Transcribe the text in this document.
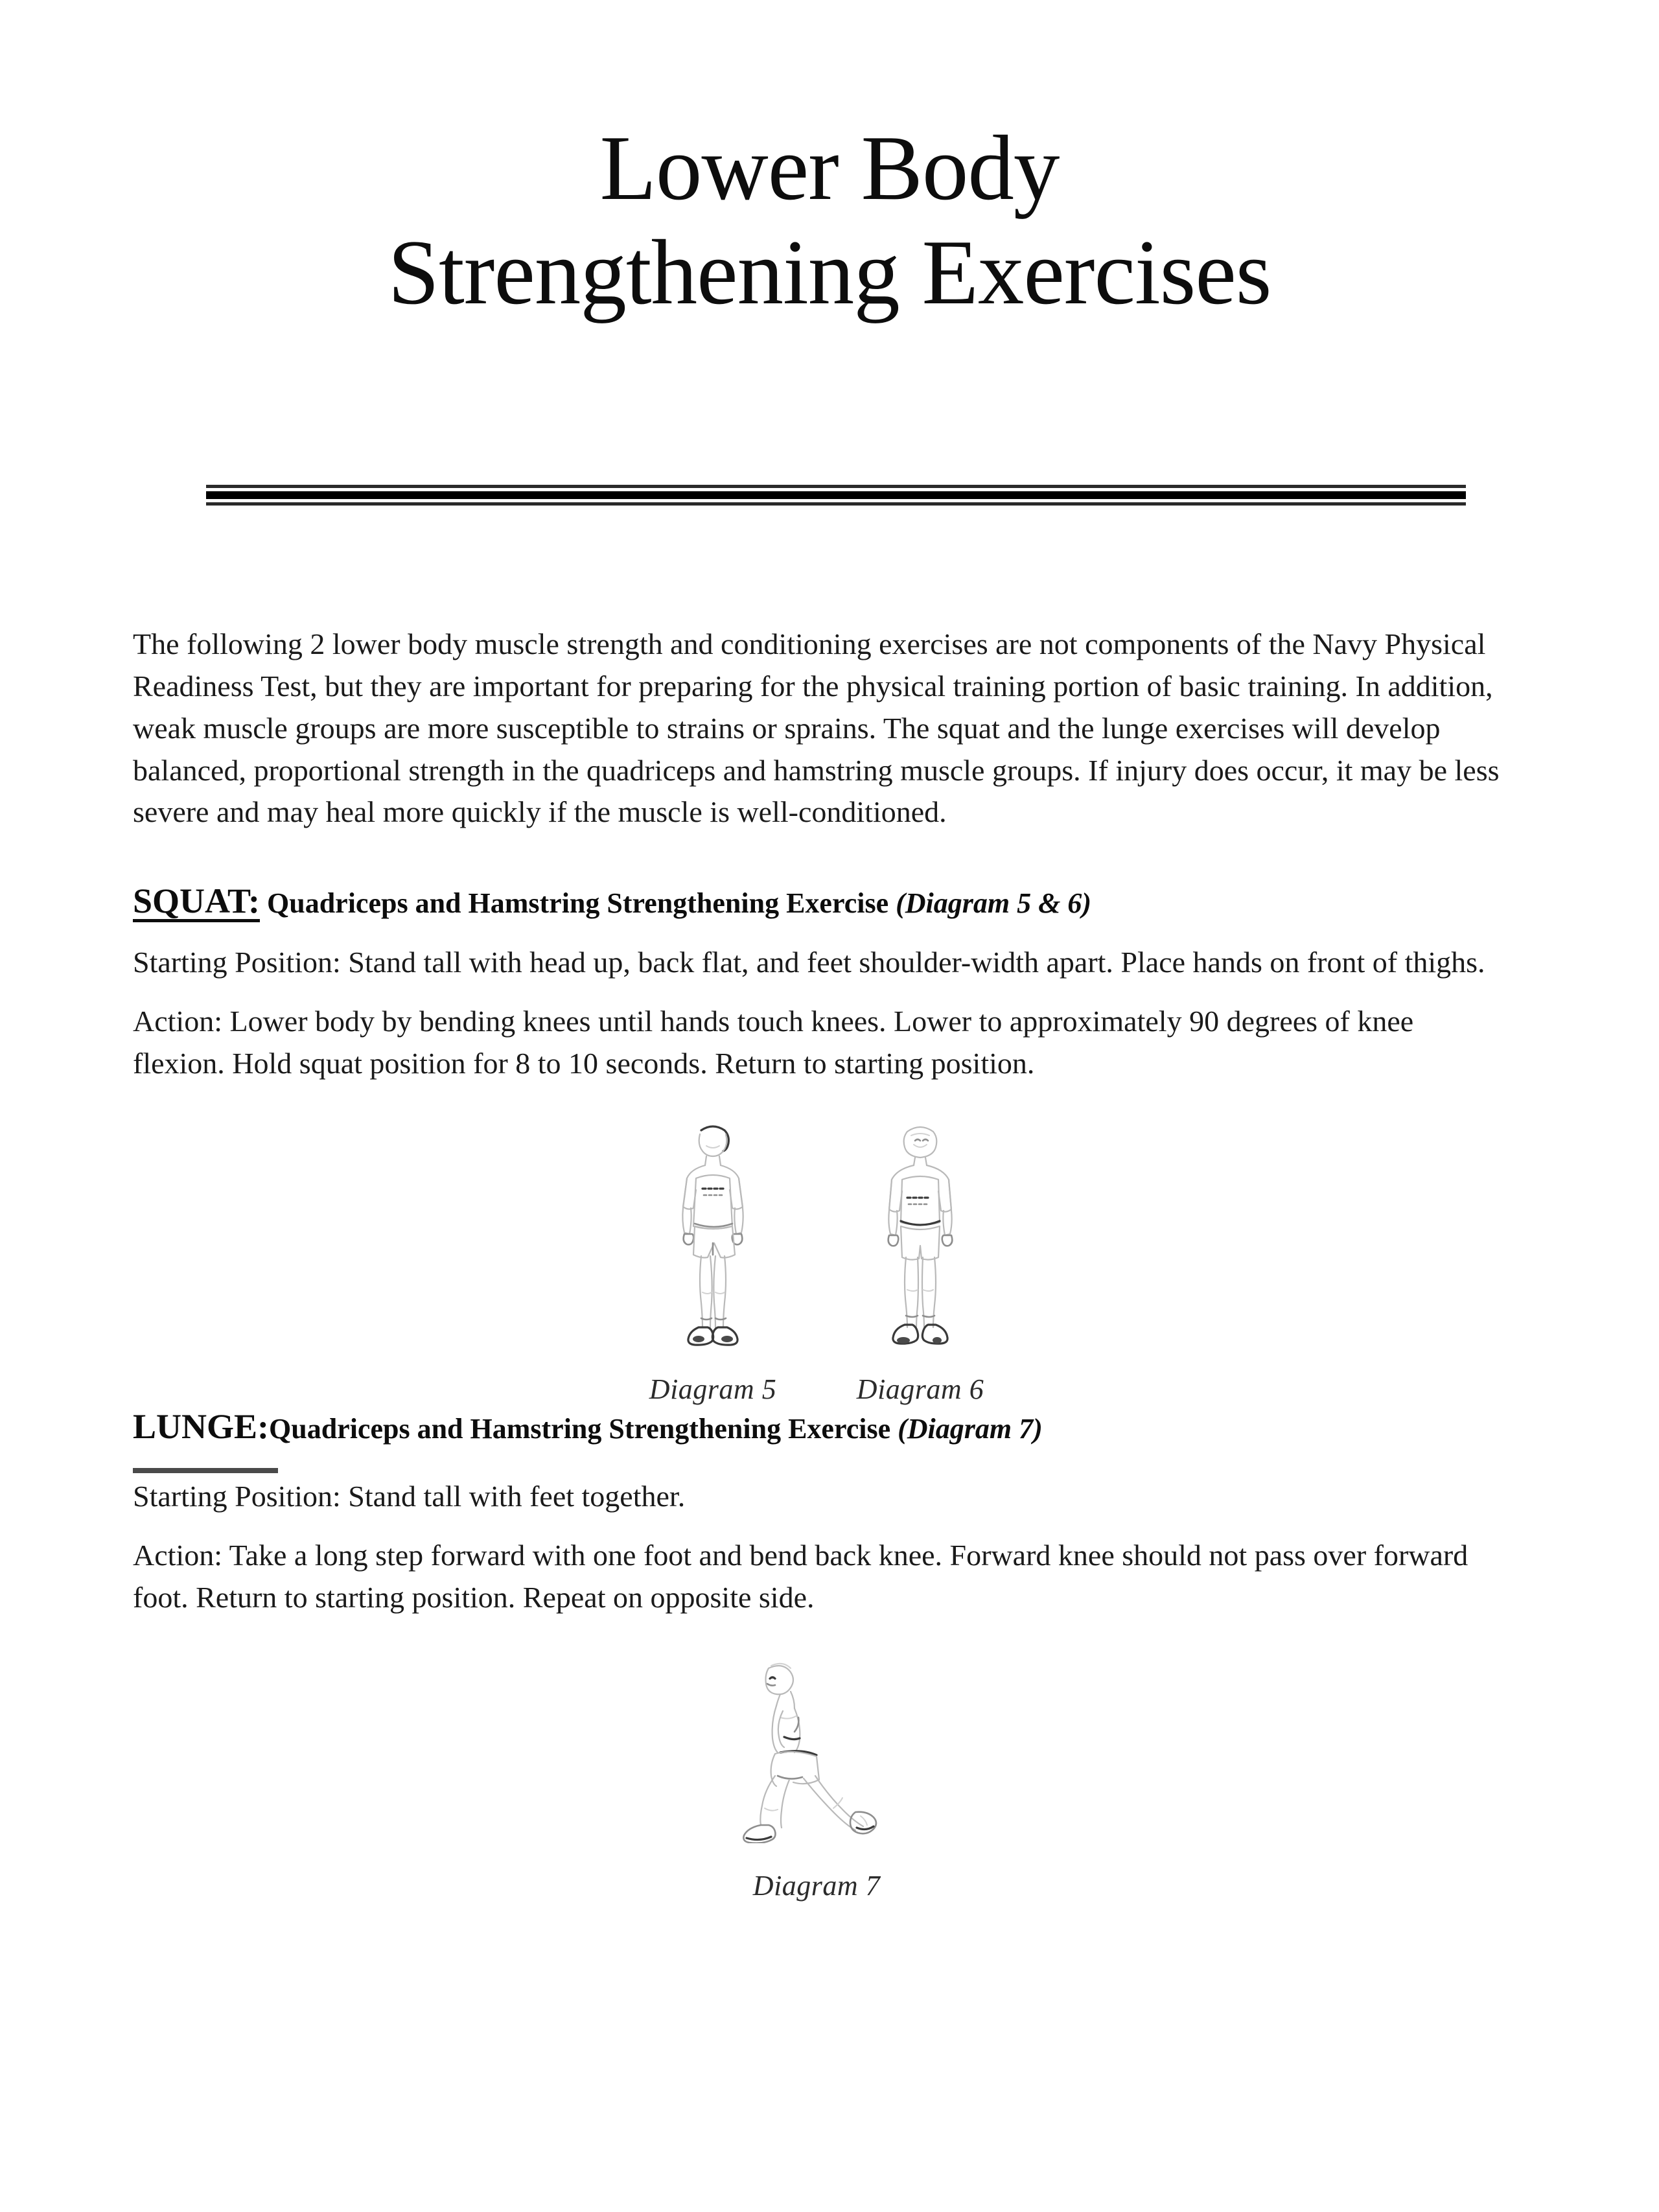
Lower Body
Strengthening Exercises

The following 2 lower body muscle strength and conditioning exercises are not components of the Navy Physical Readiness Test, but they are important for preparing for the physical training portion of basic training. In addition, weak muscle groups are more susceptible to strains or sprains. The squat and the lunge exercises will develop balanced, proportional strength in the quadriceps and hamstring muscle groups. If injury does occur, it may be less severe and may heal more quickly if the muscle is well-conditioned.

SQUAT: Quadriceps and Hamstring Strengthening Exercise (Diagram 5 & 6)

Starting Position: Stand tall with head up, back flat, and feet shoulder-width apart. Place hands on front of thighs.

Action: Lower body by bending knees until hands touch knees. Lower to approximately 90 degrees of knee flexion. Hold squat position for 8 to 10 seconds. Return to starting position.

Diagram 5	Diagram 6
LUNGE:Quadriceps and Hamstring Strengthening Exercise (Diagram 7)

Starting Position: Stand tall with feet together.

Action: Take a long step forward with one foot and bend back knee. Forward knee should not pass over forward foot. Return to starting position. Repeat on opposite side.

Diagram 7
